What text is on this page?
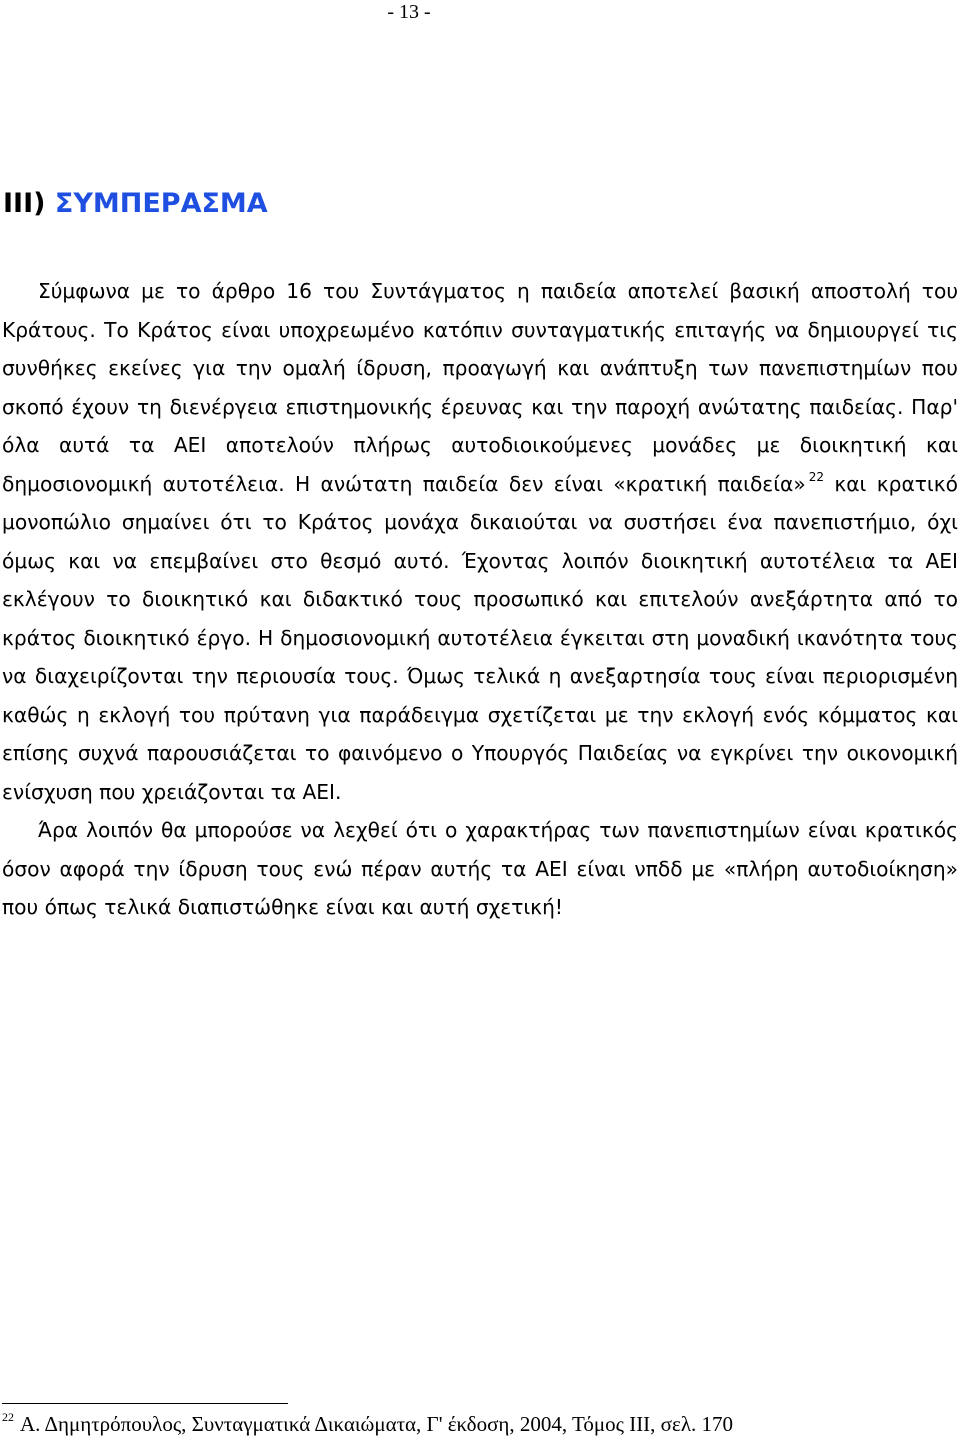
- 13 -
III) ΣΥΜΠΕΡΑΣΜΑ

Σύμφωνα με το άρθρο 16 του Συντάγματος η παιδεία αποτελεί βασική αποστολή του Κράτους. Το Κράτος είναι υποχρεωμένο κατόπιν συνταγματικής επιταγής να δημιουργεί τις συνθήκες εκείνες για την ομαλή ίδρυση, προαγωγή και ανάπτυξη των πανεπιστημίων που σκοπό έχουν τη διενέργεια επιστημονικής έρευνας και την παροχή ανώτατης παιδείας. Παρ' όλα αυτά τα ΑΕΙ αποτελούν πλήρως αυτοδιοικούμενες μονάδες με διοικητική και δημοσιονομική αυτοτέλεια. Η ανώτατη παιδεία δεν είναι «κρατική παιδεία» $^{22}$ και κρατικό μονοπώλιο σημαίνει ότι το Κράτος μονάχα δικαιούται να συστήσει ένα πανεπιστήμιο, όχι όμως και να επεμβαίνει στο θεσμό αυτό. Έχοντας λοιπόν διοικητική αυτοτέλεια τα ΑΕΙ εκλέγουν το διοικητικό και διδακτικό τους προσωπικό και επιτελούν ανεξάρτητα από το κράτος διοικητικό έργο. Η δημοσιονομική αυτοτέλεια έγκειται στη μοναδική ικανότητα τους να διαχειρίζονται την περιουσία τους. Όμως τελικά η ανεξαρτησία τους είναι περιορισμένη καθώς η εκλογή του πρύτανη για παράδειγμα σχετίζεται με την εκλογή ενός κόμματος και επίσης συχνά παρουσιάζεται το φαινόμενο ο Υπουργός Παιδείας να εγκρίνει την οικονομική ενίσχυση που χρειάζονται τα ΑΕΙ.

Άρα λοιπόν θα μπορούσε να λεχθεί ότι ο χαρακτήρας των πανεπιστημίων είναι κρατικός όσον αφορά την ίδρυση τους ενώ πέραν αυτής τα ΑΕΙ είναι νπδδ με «πλήρη αυτοδιοίκηση» που όπως τελικά διαπιστώθηκε είναι και αυτή σχετική!

$^{22}$ Α. Δημητρόπουλος, Συνταγματικά Δικαιώματα, Γ' έκδοση, 2004, Τόμος ΙΙΙ, σελ. 170
